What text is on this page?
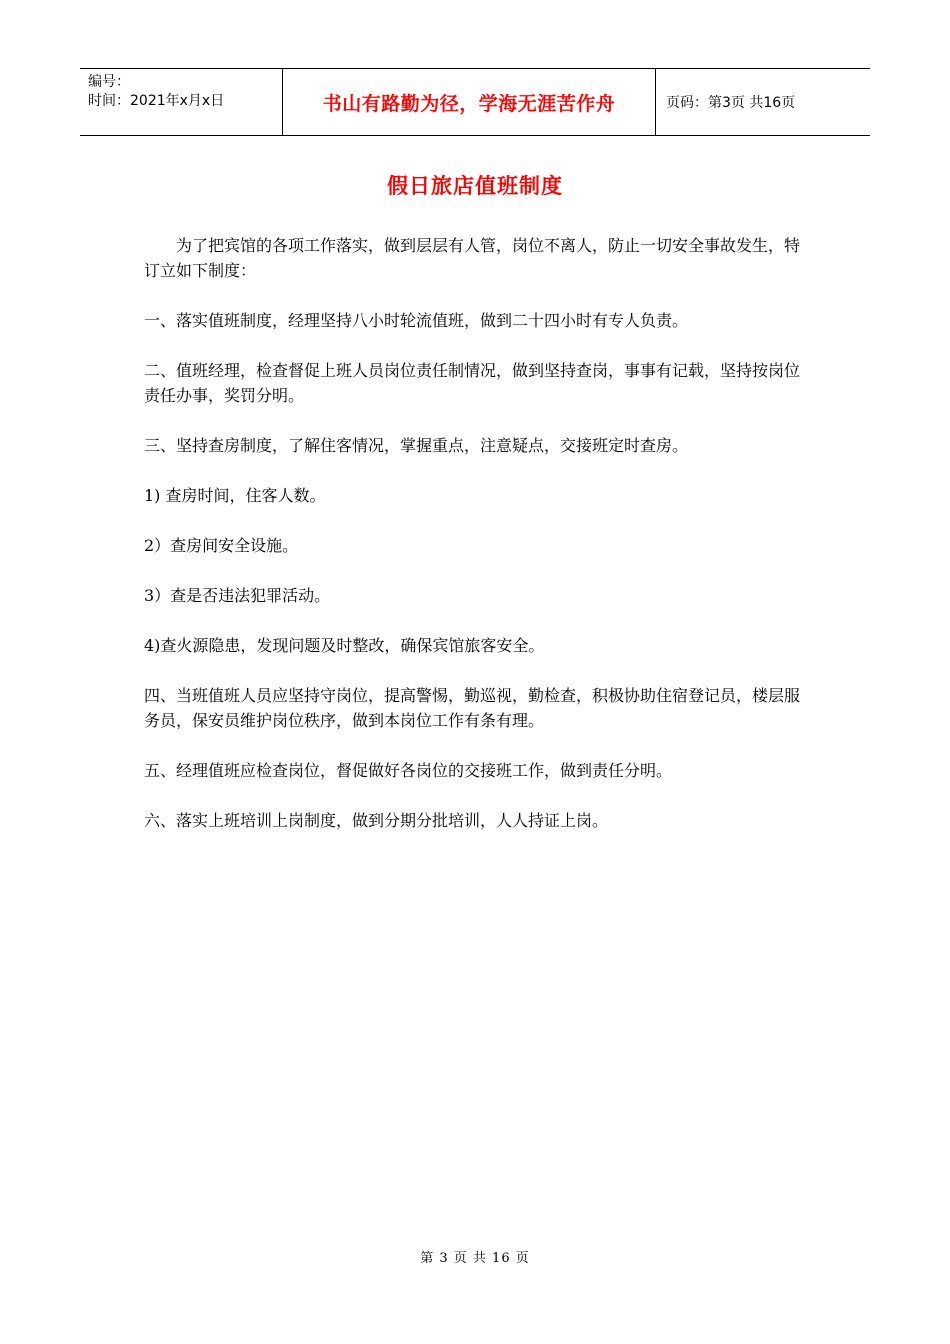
编号：
时间：2021年x月x日	书山有路勤为径，学海无涯苦作舟	页码：第3页 共16页
假日旅店值班制度

为了把宾馆的各项工作落实，做到层层有人管，岗位不离人，防止一切安全事故发生，特订立如下制度：

一、落实值班制度，经理坚持八小时轮流值班，做到二十四小时有专人负责。

二、值班经理，检查督促上班人员岗位责任制情况，做到坚持查岗，事事有记载，坚持按岗位责任办事，奖罚分明。

三、坚持查房制度，了解住客情况，掌握重点，注意疑点，交接班定时查房。

1) 查房时间，住客人数。

2）查房间安全设施。

3）查是否违法犯罪活动。

4)查火源隐患，发现问题及时整改，确保宾馆旅客安全。

四、当班值班人员应坚持守岗位，提高警惕，勤巡视，勤检查，积极协助住宿登记员，楼层服务员，保安员维护岗位秩序，做到本岗位工作有条有理。

五、经理值班应检查岗位，督促做好各岗位的交接班工作，做到责任分明。

六、落实上班培训上岗制度，做到分期分批培训，人人持证上岗。

第 3 页 共 16 页
